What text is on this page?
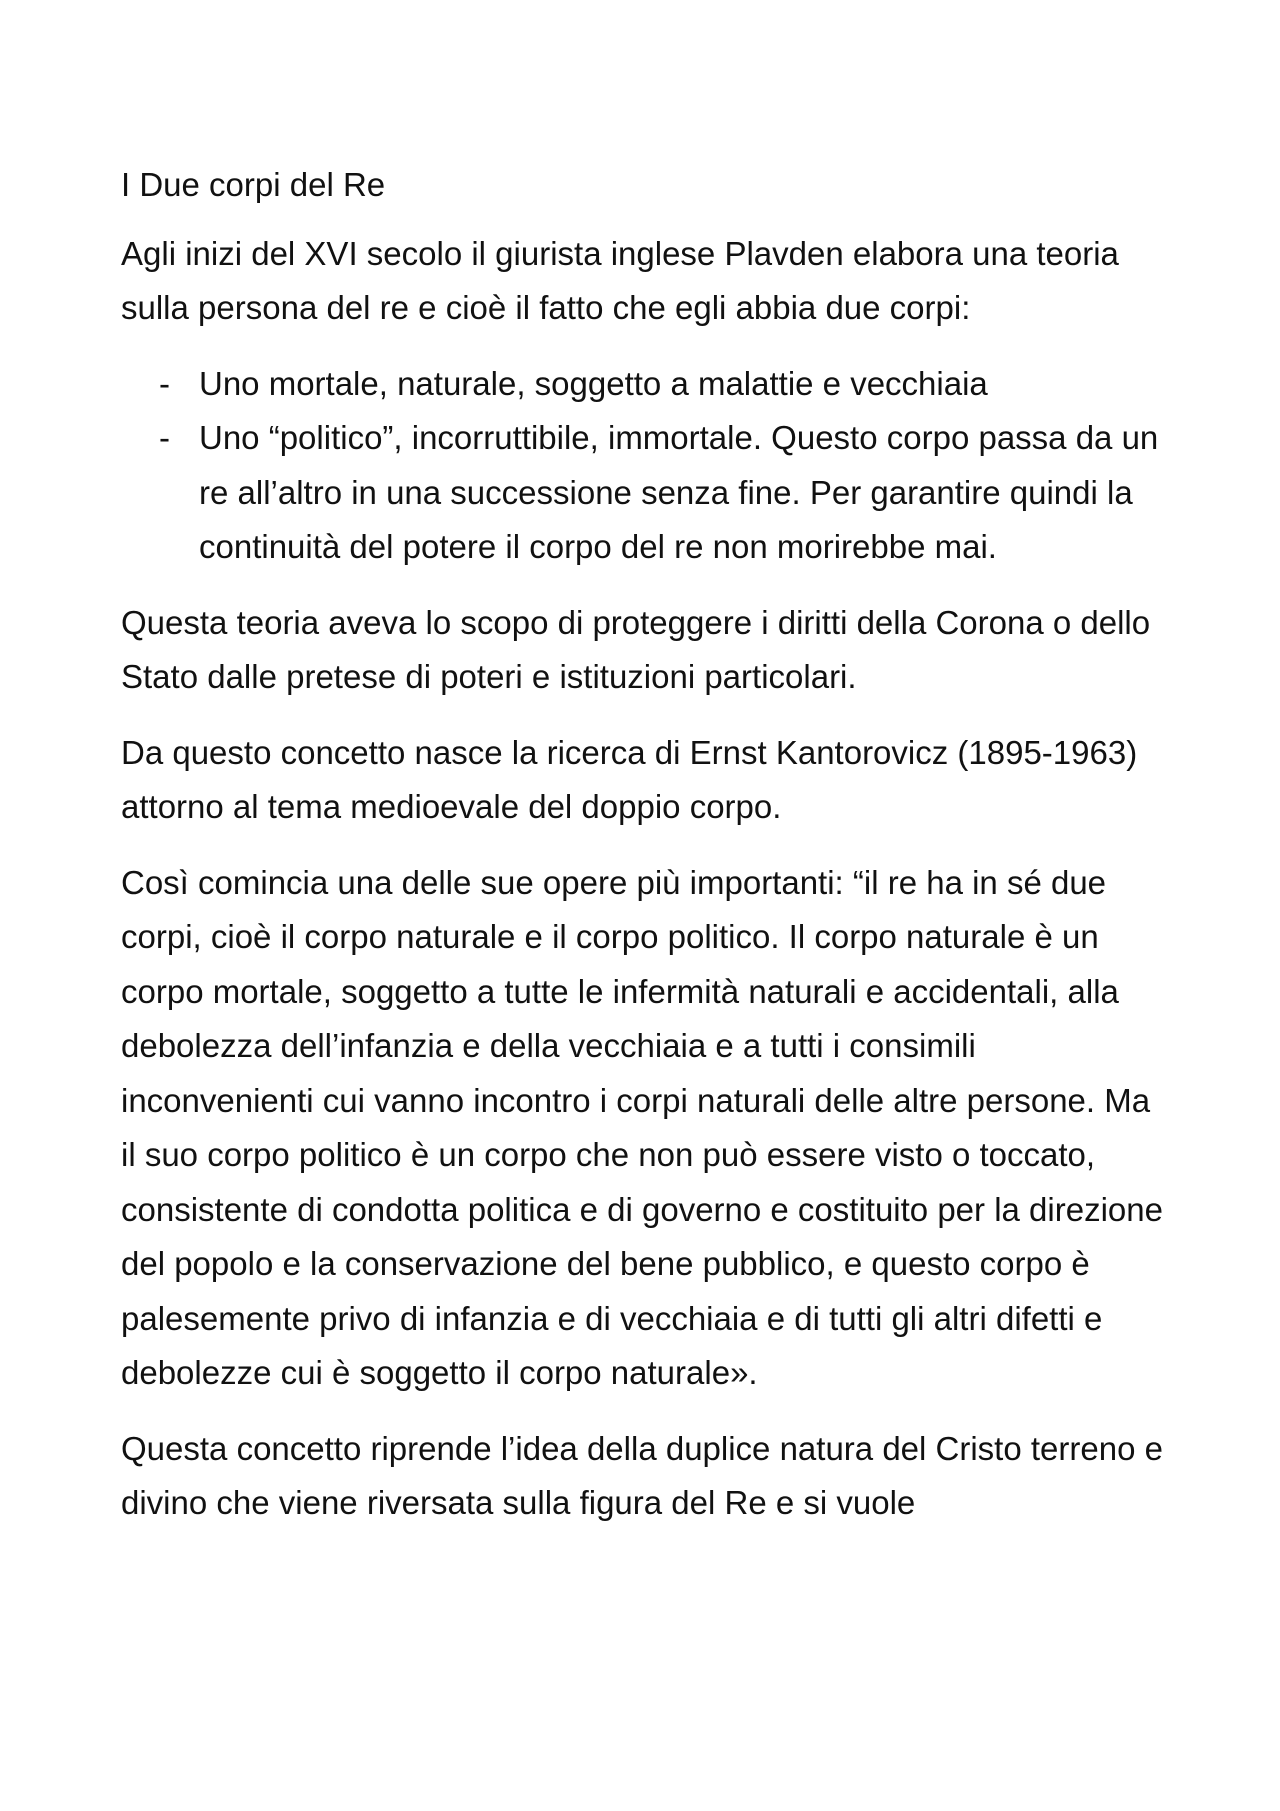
I Due corpi del Re

Agli inizi del XVI secolo il giurista inglese Plavden elabora una teoria sulla persona del re e cioè il fatto che egli abbia due corpi:

- Uno mortale, naturale, soggetto a malattie e vecchiaia
- Uno “politico”, incorruttibile, immortale. Questo corpo passa da un re all’altro in una successione senza fine. Per garantire quindi la continuità del potere il corpo del re non morirebbe mai.

Questa teoria aveva lo scopo di proteggere i diritti della Corona o dello Stato dalle pretese di poteri e istituzioni particolari.

Da questo concetto nasce la ricerca di Ernst Kantorovicz (1895-1963) attorno al tema medioevale del doppio corpo.

Così comincia una delle sue opere più importanti: “il re ha in sé due corpi, cioè il corpo naturale e il corpo politico. Il corpo naturale è un corpo mortale, soggetto a tutte le infermità naturali e accidentali, alla debolezza dell’infanzia e della vecchiaia e a tutti i consimili inconvenienti cui vanno incontro i corpi naturali delle altre persone. Ma il suo corpo politico è un corpo che non può essere visto o toccato, consistente di condotta politica e di governo e costituito per la direzione del popolo e la conservazione del bene pubblico, e questo corpo è palesemente privo di infanzia e di vecchiaia e di tutti gli altri difetti e debolezze cui è soggetto il corpo naturale».

Questa concetto riprende l’idea della duplice natura del Cristo terreno e divino che viene riversata sulla figura del Re e si vuole
